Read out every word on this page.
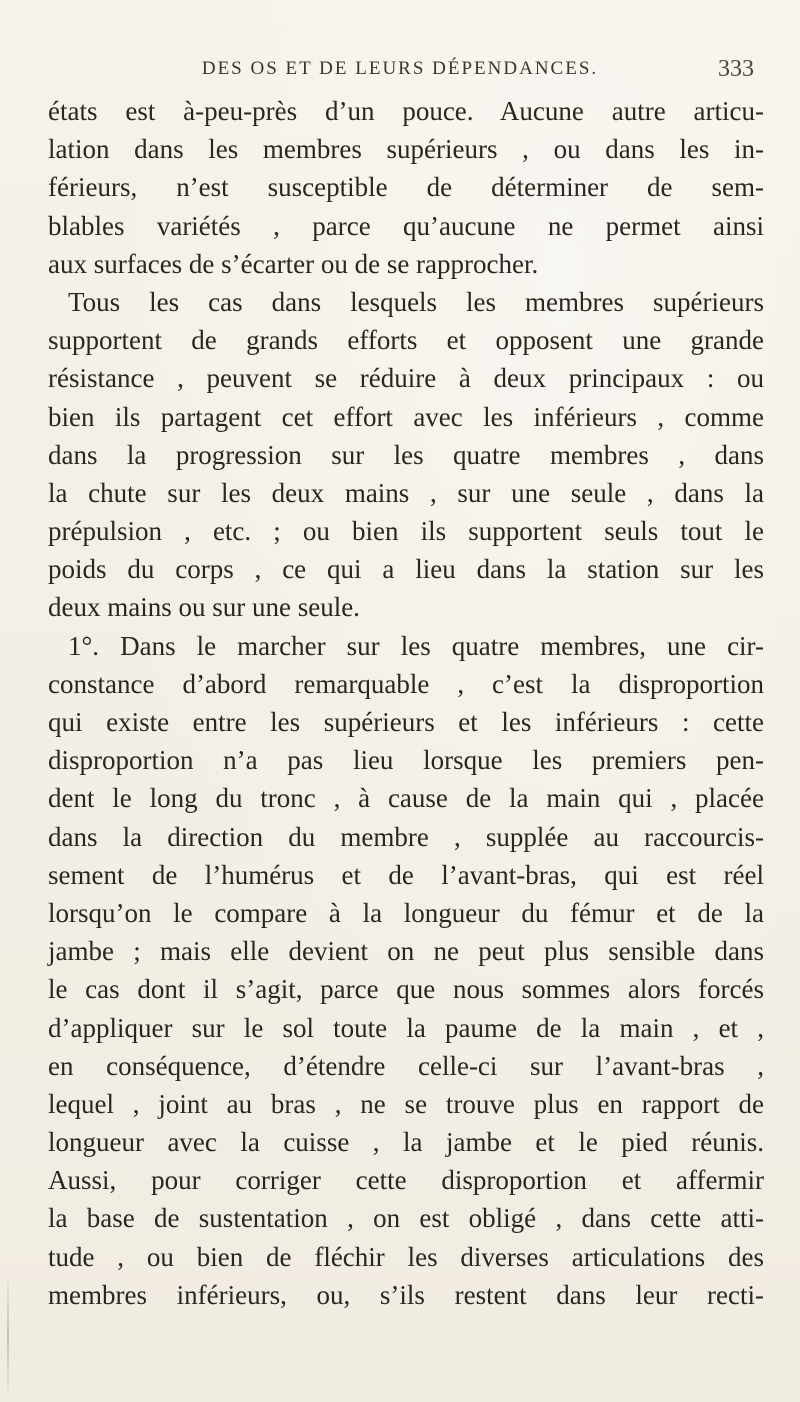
DES OS ET DE LEURS DÉPENDANCES.	333
états est à-peu-près d’un pouce. Aucune autre articu-
lation dans les membres supérieurs , ou dans les in-
férieurs, n’est susceptible de déterminer de sem-
blables variétés , parce qu’aucune ne permet ainsi
aux surfaces de s’écarter ou de se rapprocher.
Tous les cas dans lesquels les membres supérieurs
supportent de grands efforts et opposent une grande
résistance , peuvent se réduire à deux principaux : ou
bien ils partagent cet effort avec les inférieurs , comme
dans la progression sur les quatre membres , dans
la chute sur les deux mains , sur une seule , dans la
prépulsion , etc. ; ou bien ils supportent seuls tout le
poids du corps , ce qui a lieu dans la station sur les
deux mains ou sur une seule.
1°. Dans le marcher sur les quatre membres, une cir-
constance d’abord remarquable , c’est la disproportion
qui existe entre les supérieurs et les inférieurs : cette
disproportion n’a pas lieu lorsque les premiers pen-
dent le long du tronc , à cause de la main qui , placée
dans la direction du membre , supplée au raccourcis-
sement de l’humérus et de l’avant-bras, qui est réel
lorsqu’on le compare à la longueur du fémur et de la
jambe ; mais elle devient on ne peut plus sensible dans
le cas dont il s’agit, parce que nous sommes alors forcés
d’appliquer sur le sol toute la paume de la main , et ,
en conséquence, d’étendre celle-ci sur l’avant-bras ,
lequel , joint au bras , ne se trouve plus en rapport de
longueur avec la cuisse , la jambe et le pied réunis.
Aussi, pour corriger cette disproportion et affermir
la base de sustentation , on est obligé , dans cette atti-
tude , ou bien de fléchir les diverses articulations des
membres inférieurs, ou, s’ils restent dans leur recti-
